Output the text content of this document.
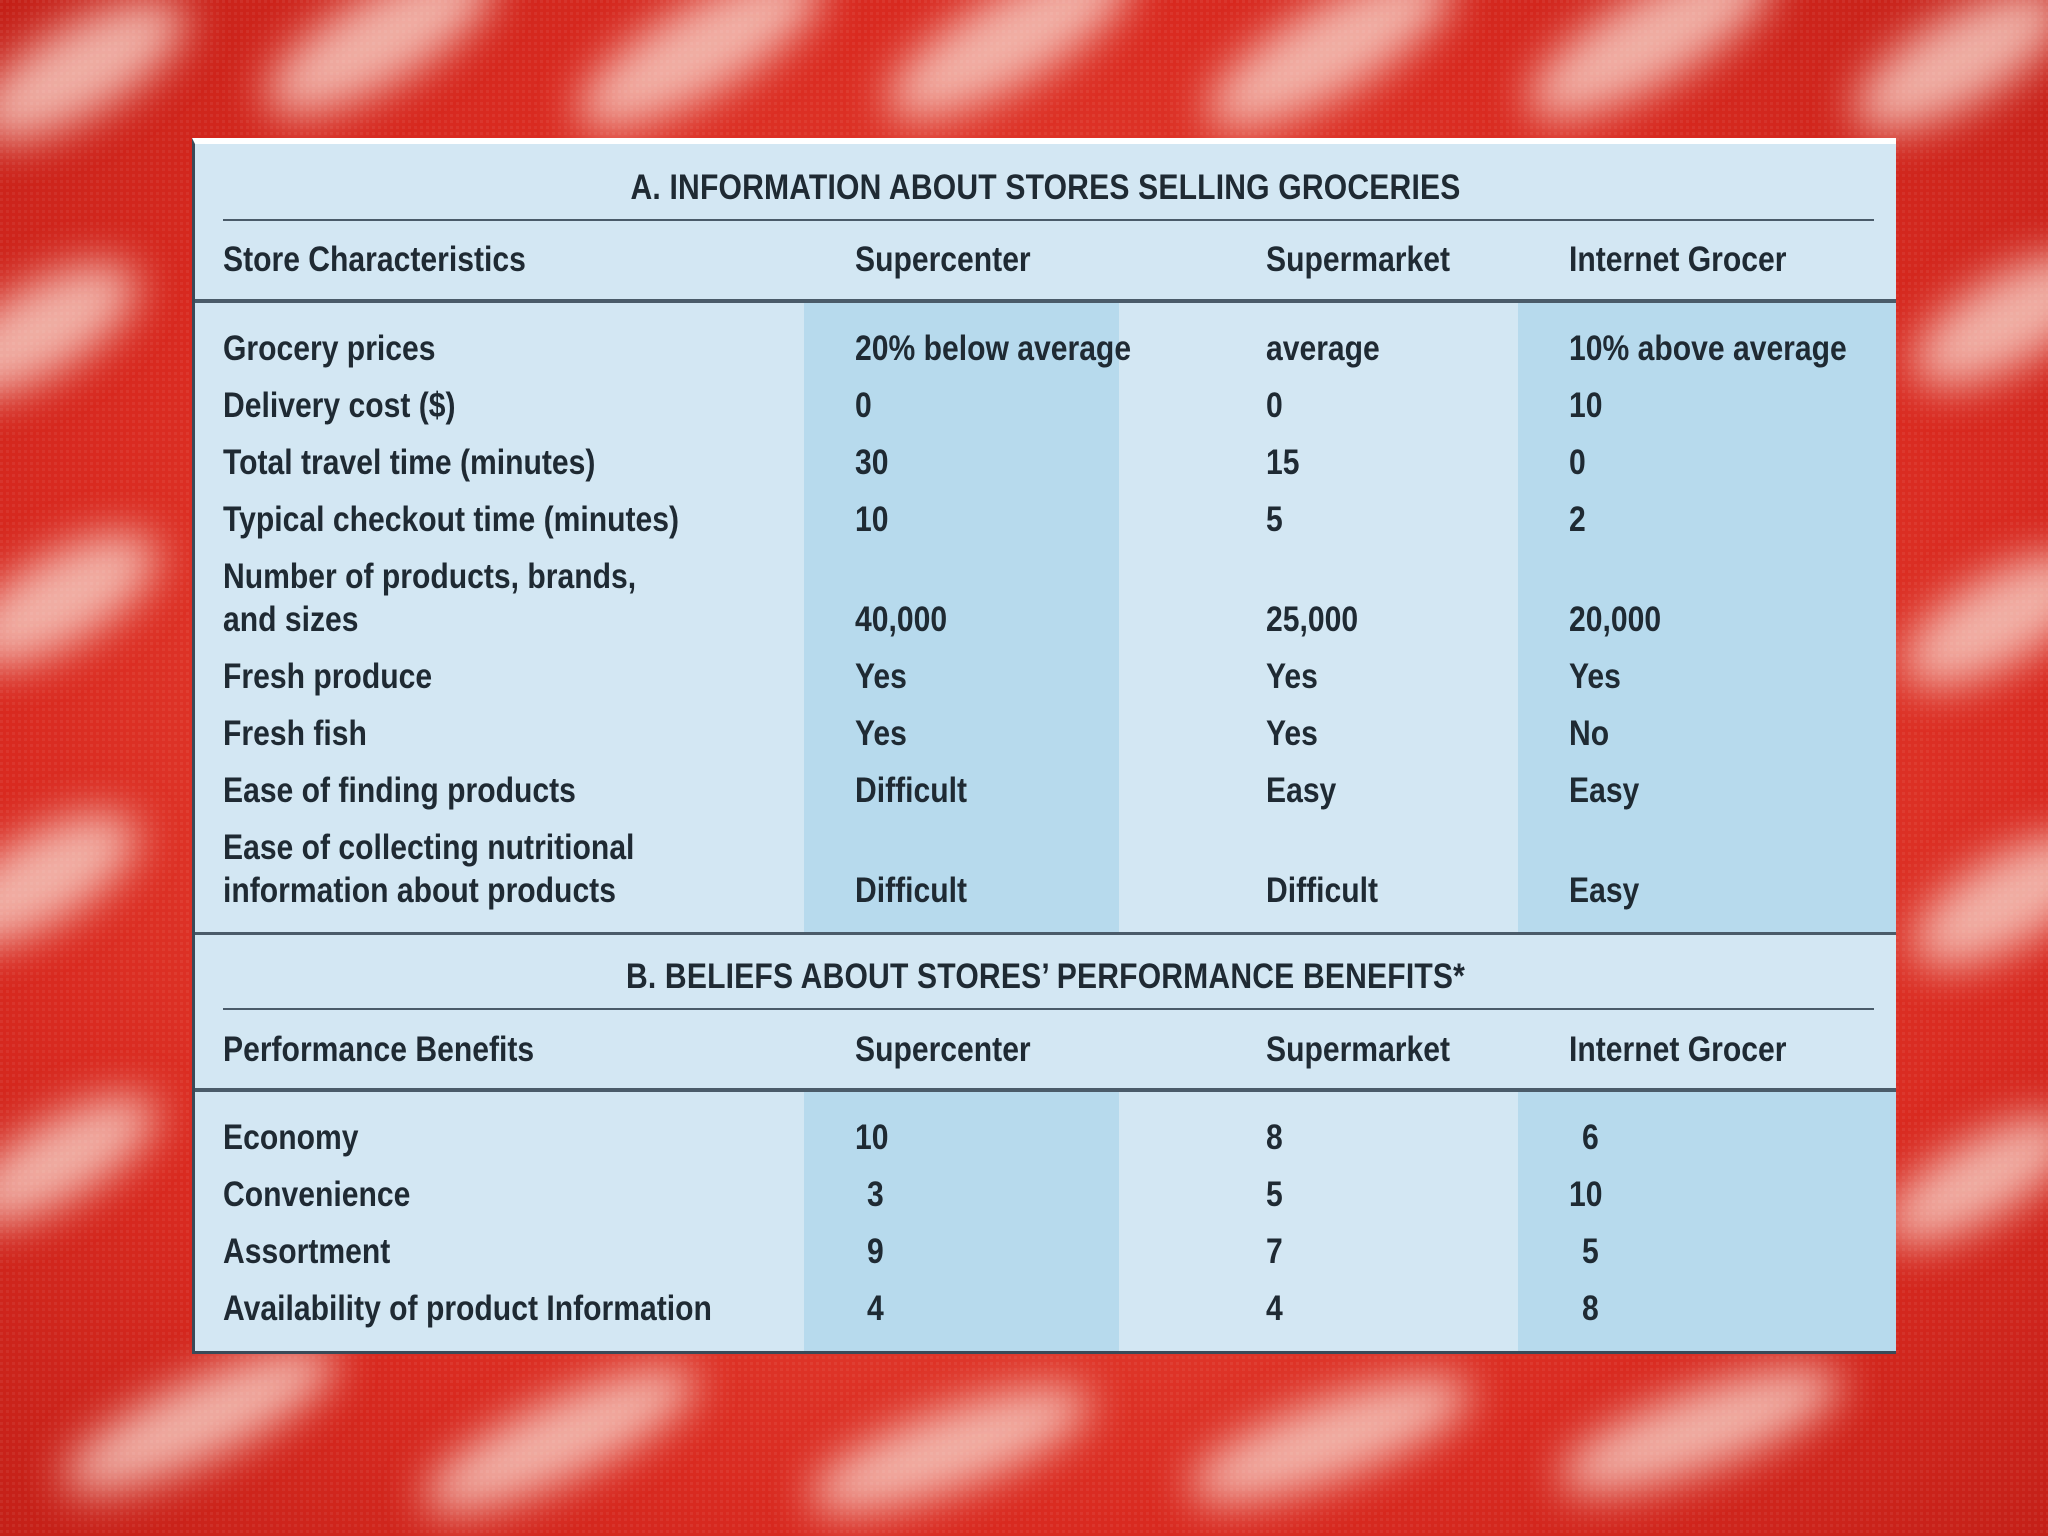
A. INFORMATION ABOUT STORES SELLING GROCERIES
Store Characteristics	Supercenter	Supermarket	Internet Grocer
Grocery prices	20% below average	average	10% above average
Delivery cost ($)	0	0	10
Total travel time (minutes)	30	15	0
Typical checkout time (minutes)	10	5	2
Number of products, brands,
and sizes	40,000	25,000	20,000
Fresh produce	Yes	Yes	Yes
Fresh fish	Yes	Yes	No
Ease of finding products	Difficult	Easy	Easy
Ease of collecting nutritional
information about products	Difficult	Difficult	Easy
B. BELIEFS ABOUT STORES’ PERFORMANCE BENEFITS*
Performance Benefits	Supercenter	Supermarket	Internet Grocer
Economy	10	8	6
Convenience	3	5	10
Assortment	9	7	5
Availability of product Information	4	4	8
